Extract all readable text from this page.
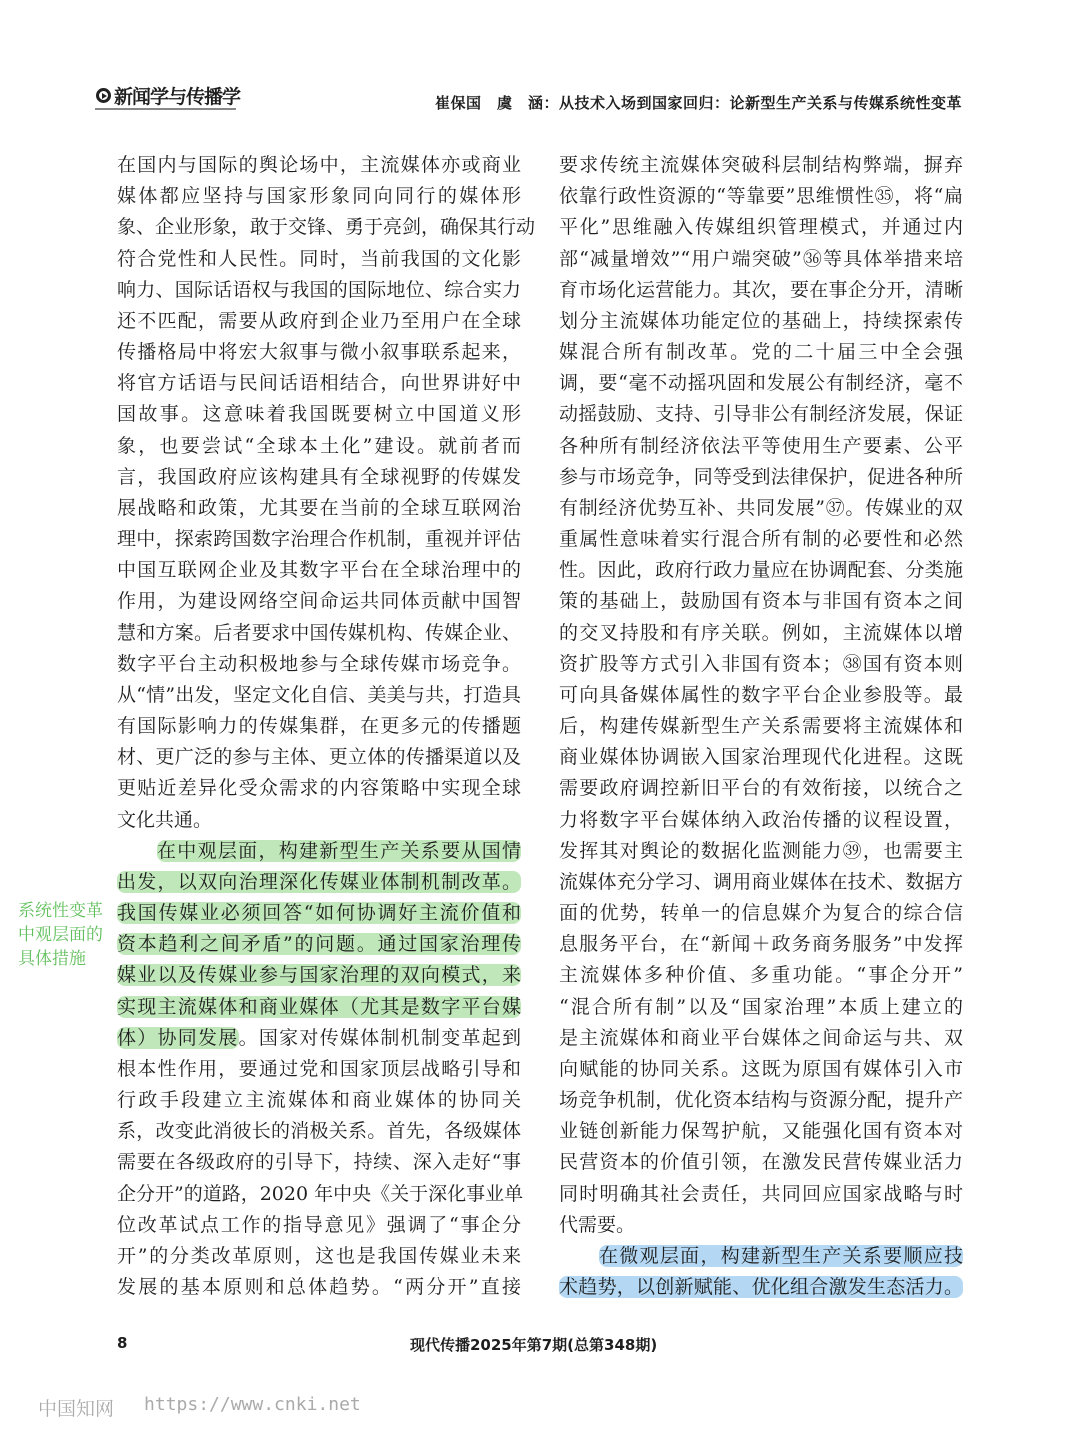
新闻学与传播学	崔保国　虞　涵：从技术入场到国家回归：论新型生产关系与传媒系统性变革
在国内与国际的舆论场中，主流媒体亦或商业
媒体都应坚持与国家形象同向同行的媒体形
象、企业形象，敢于交锋、勇于亮剑，确保其行动
符合党性和人民性。同时，当前我国的文化影
响力、国际话语权与我国的国际地位、综合实力
还不匹配，需要从政府到企业乃至用户在全球
传播格局中将宏大叙事与微小叙事联系起来，
将官方话语与民间话语相结合，向世界讲好中
国故事。这意味着我国既要树立中国道义形
象，也要尝试“全球本土化”建设。就前者而
言，我国政府应该构建具有全球视野的传媒发
展战略和政策，尤其要在当前的全球互联网治
理中，探索跨国数字治理合作机制，重视并评估
中国互联网企业及其数字平台在全球治理中的
作用，为建设网络空间命运共同体贡献中国智
慧和方案。后者要求中国传媒机构、传媒企业、
数字平台主动积极地参与全球传媒市场竞争。
从“情”出发，坚定文化自信、美美与共，打造具
有国际影响力的传媒集群，在更多元的传播题
材、更广泛的参与主体、更立体的传播渠道以及
更贴近差异化受众需求的内容策略中实现全球
文化共通。
在中观层面，构建新型生产关系要从国情
出发，以双向治理深化传媒业体制机制改革。
我国传媒业必须回答“如何协调好主流价值和
资本趋利之间矛盾”的问题。通过国家治理传
媒业以及传媒业参与国家治理的双向模式，来
实现主流媒体和商业媒体（尤其是数字平台媒
体）协同发展。国家对传媒体制机制变革起到
根本性作用，要通过党和国家顶层战略引导和
行政手段建立主流媒体和商业媒体的协同关
系，改变此消彼长的消极关系。首先，各级媒体
需要在各级政府的引导下，持续、深入走好“事
企分开”的道路，2020 年中央《关于深化事业单
位改革试点工作的指导意见》强调了“事企分
开”的分类改革原则，这也是我国传媒业未来
发展的基本原则和总体趋势。“两分开”直接
要求传统主流媒体突破科层制结构弊端，摒弃
依靠行政性资源的“等靠要”思维惯性㉟，将“扁
平化”思维融入传媒组织管理模式，并通过内
部“减量增效”“用户端突破”㊱等具体举措来培
育市场化运营能力。其次，要在事企分开，清晰
划分主流媒体功能定位的基础上，持续探索传
媒混合所有制改革。党的二十届三中全会强
调，要“毫不动摇巩固和发展公有制经济，毫不
动摇鼓励、支持、引导非公有制经济发展，保证
各种所有制经济依法平等使用生产要素、公平
参与市场竞争，同等受到法律保护，促进各种所
有制经济优势互补、共同发展”㊲。传媒业的双
重属性意味着实行混合所有制的必要性和必然
性。因此，政府行政力量应在协调配套、分类施
策的基础上，鼓励国有资本与非国有资本之间
的交叉持股和有序关联。例如，主流媒体以增
资扩股等方式引入非国有资本；㊳国有资本则
可向具备媒体属性的数字平台企业参股等。最
后，构建传媒新型生产关系需要将主流媒体和
商业媒体协调嵌入国家治理现代化进程。这既
需要政府调控新旧平台的有效衔接，以统合之
力将数字平台媒体纳入政治传播的议程设置，
发挥其对舆论的数据化监测能力㊴，也需要主
流媒体充分学习、调用商业媒体在技术、数据方
面的优势，转单一的信息媒介为复合的综合信
息服务平台，在“新闻＋政务商务服务”中发挥
主流媒体多种价值、多重功能。“事企分开”
“混合所有制”以及“国家治理”本质上建立的
是主流媒体和商业平台媒体之间命运与共、双
向赋能的协同关系。这既为原国有媒体引入市
场竞争机制，优化资本结构与资源分配，提升产
业链创新能力保驾护航，又能强化国有资本对
民营资本的价值引领，在激发民营传媒业活力
同时明确其社会责任，共同回应国家战略与时
代需要。
在微观层面，构建新型生产关系要顺应技
术趋势，以创新赋能、优化组合激发生态活力。
系统性变革
中观层面的
具体措施
8	现代传播2025年第7期(总第348期)
中国知网 https://www.cnki.net
